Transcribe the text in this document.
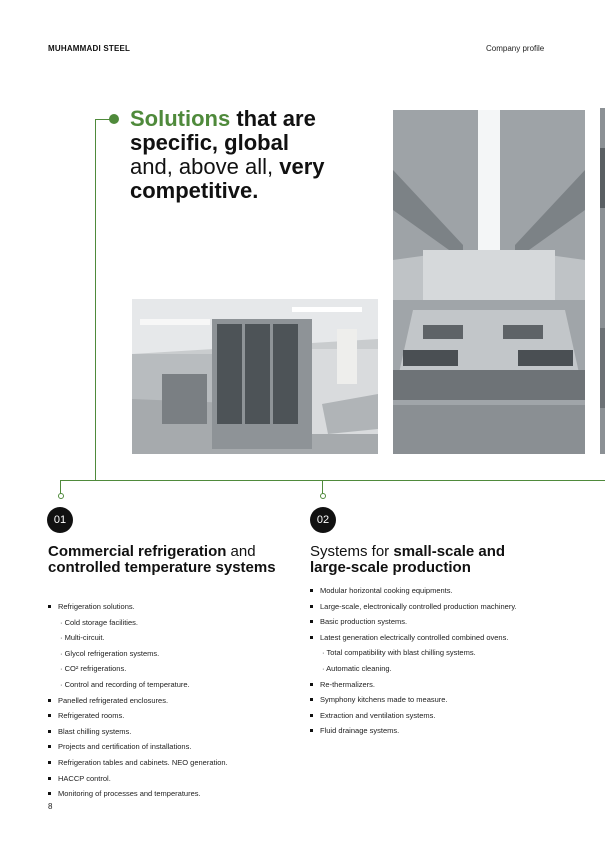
MUHAMMADI STEEL	Company profile
Solutions that are specific, global
and, above all, very competitive.
01
Commercial refrigeration and
controlled temperature systems
Refrigeration solutions.
· Cold storage facilities.
· Multi-circuit.
· Glycol refrigeration systems.
· CO² refrigerations.
· Control and recording of temperature.
Panelled refrigerated enclosures.
Refrigerated rooms.
Blast chilling systems.
Projects and certification of installations.
Refrigeration tables and cabinets. NEO generation.
HACCP control.
Monitoring of processes and temperatures.
02
Systems for small-scale and large-scale production
Modular horizontal cooking equipments.
Large-scale, electronically controlled production machinery.
Basic production systems.
Latest generation electrically controlled combined ovens.
· Total compatibility with blast chilling systems.
· Automatic cleaning.
Re-thermalizers.
Symphony kitchens made to measure.
Extraction and ventilation systems.
Fluid drainage systems.
8
